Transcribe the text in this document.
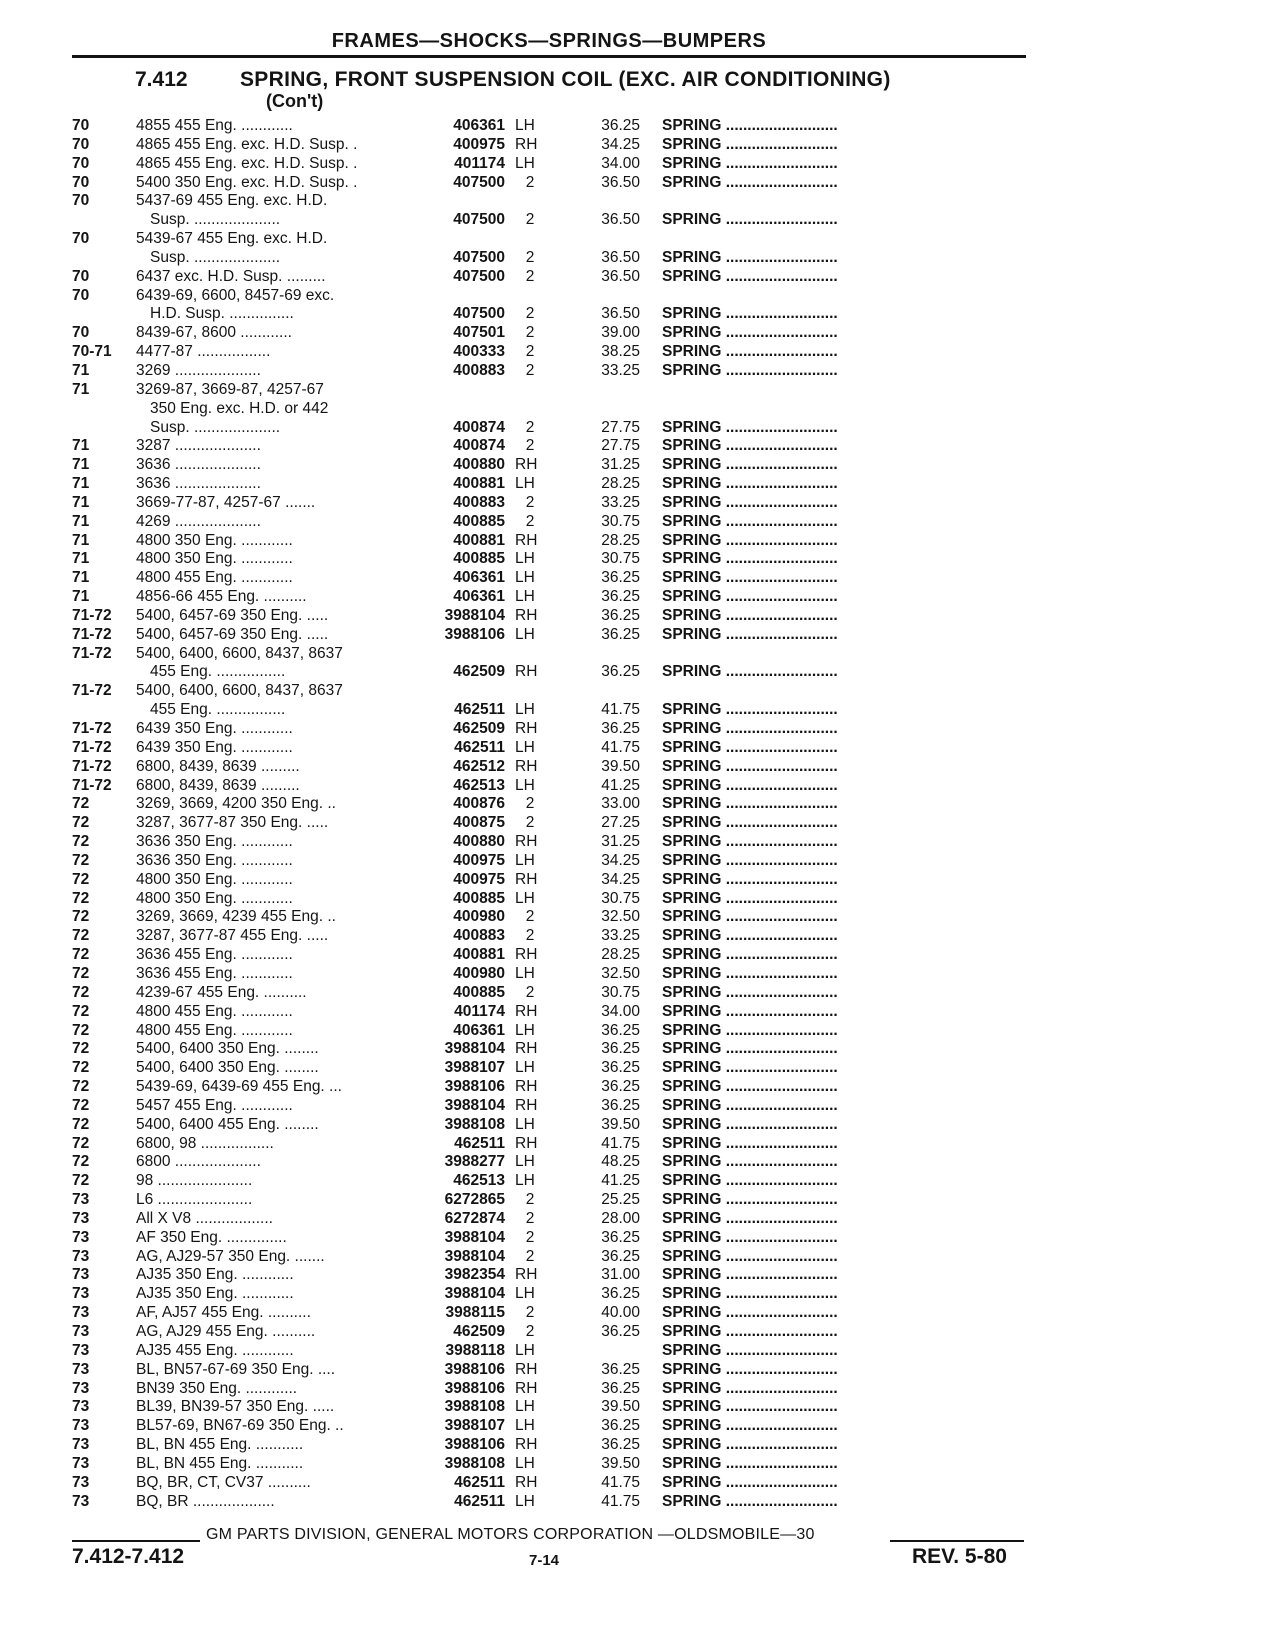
FRAMES—SHOCKS—SPRINGS—BUMPERS
7.412 SPRING, FRONT SUSPENSION COIL (EXC. AIR CONDITIONING)
(Con't)
70	4855 455 Eng. ............	406361 LH	36.25 SPRING ..........................
70	4865 455 Eng. exc. H.D. Susp. .	400975 RH	34.25 SPRING ..........................
70	4865 455 Eng. exc. H.D. Susp. .	401174 LH	34.00 SPRING ..........................
70	5400 350 Eng. exc. H.D. Susp. .	407500	2	36.50 SPRING ..........................
70	5437-69 455 Eng. exc. H.D.
Susp. ....................	407500	2	36.50 SPRING ..........................
70	5439-67 455 Eng. exc. H.D.
Susp. ....................	407500	2	36.50 SPRING ..........................
70	6437 exc. H.D. Susp. .........	407500	2	36.50 SPRING ..........................
70	6439-69, 6600, 8457-69 exc.
H.D. Susp. ...............	407500	2	36.50 SPRING ..........................
70	8439-67, 8600 ............	407501	2	39.00 SPRING ..........................
70-71	4477-87 .................	400333	2	38.25 SPRING ..........................
71	3269 ....................	400883	2	33.25 SPRING ..........................
71	3269-87, 3669-87, 4257-67
350 Eng. exc. H.D. or 442
Susp. ....................	400874	2	27.75 SPRING ..........................
71	3287 ....................	400874	2	27.75 SPRING ..........................
71	3636 ....................	400880 RH	31.25 SPRING ..........................
71	3636 ....................	400881 LH	28.25 SPRING ..........................
71	3669-77-87, 4257-67 .......	400883	2	33.25 SPRING ..........................
71	4269 ....................	400885	2	30.75 SPRING ..........................
71	4800 350 Eng. ............	400881 RH	28.25 SPRING ..........................
71	4800 350 Eng. ............	400885 LH	30.75 SPRING ..........................
71	4800 455 Eng. ............	406361 LH	36.25 SPRING ..........................
71	4856-66 455 Eng. ..........	406361 LH	36.25 SPRING ..........................
71-72	5400, 6457-69 350 Eng. .....	3988104 RH	36.25 SPRING ..........................
71-72	5400, 6457-69 350 Eng. .....	3988106 LH	36.25 SPRING ..........................
71-72	5400, 6400, 6600, 8437, 8637
455 Eng. ................	462509 RH	36.25 SPRING ..........................
71-72	5400, 6400, 6600, 8437, 8637
455 Eng. ................	462511 LH	41.75 SPRING ..........................
71-72	6439 350 Eng. ............	462509 RH	36.25 SPRING ..........................
71-72	6439 350 Eng. ............	462511 LH	41.75 SPRING ..........................
71-72	6800, 8439, 8639 .........	462512 RH	39.50 SPRING ..........................
71-72	6800, 8439, 8639 .........	462513 LH	41.25 SPRING ..........................
72	3269, 3669, 4200 350 Eng. ..	400876	2	33.00 SPRING ..........................
72	3287, 3677-87 350 Eng. .....	400875	2	27.25 SPRING ..........................
72	3636 350 Eng. ............	400880 RH	31.25 SPRING ..........................
72	3636 350 Eng. ............	400975 LH	34.25 SPRING ..........................
72	4800 350 Eng. ............	400975 RH	34.25 SPRING ..........................
72	4800 350 Eng. ............	400885 LH	30.75 SPRING ..........................
72	3269, 3669, 4239 455 Eng. ..	400980	2	32.50 SPRING ..........................
72	3287, 3677-87 455 Eng. .....	400883	2	33.25 SPRING ..........................
72	3636 455 Eng. ............	400881 RH	28.25 SPRING ..........................
72	3636 455 Eng. ............	400980 LH	32.50 SPRING ..........................
72	4239-67 455 Eng. ..........	400885	2	30.75 SPRING ..........................
72	4800 455 Eng. ............	401174 RH	34.00 SPRING ..........................
72	4800 455 Eng. ............	406361 LH	36.25 SPRING ..........................
72	5400, 6400 350 Eng. ........	3988104 RH	36.25 SPRING ..........................
72	5400, 6400 350 Eng. ........	3988107 LH	36.25 SPRING ..........................
72	5439-69, 6439-69 455 Eng. ...	3988106 RH	36.25 SPRING ..........................
72	5457 455 Eng. ............	3988104 RH	36.25 SPRING ..........................
72	5400, 6400 455 Eng. ........	3988108 LH	39.50 SPRING ..........................
72	6800, 98 .................	462511 RH	41.75 SPRING ..........................
72	6800 ....................	3988277 LH	48.25 SPRING ..........................
72	98 ......................	462513 LH	41.25 SPRING ..........................
73	L6 ......................	6272865	2	25.25 SPRING ..........................
73	All X V8 ..................	6272874	2	28.00 SPRING ..........................
73	AF 350 Eng. ..............	3988104	2	36.25 SPRING ..........................
73	AG, AJ29-57 350 Eng. .......	3988104	2	36.25 SPRING ..........................
73	AJ35 350 Eng. ............	3982354 RH	31.00 SPRING ..........................
73	AJ35 350 Eng. ............	3988104 LH	36.25 SPRING ..........................
73	AF, AJ57 455 Eng. ..........	3988115	2	40.00 SPRING ..........................
73	AG, AJ29 455 Eng. ..........	462509	2	36.25 SPRING ..........................
73	AJ35 455 Eng. ............	3988118 LH	SPRING ..........................
73	BL, BN57-67-69 350 Eng. ....	3988106 RH	36.25 SPRING ..........................
73	BN39 350 Eng. ............	3988106 RH	36.25 SPRING ..........................
73	BL39, BN39-57 350 Eng. .....	3988108 LH	39.50 SPRING ..........................
73	BL57-69, BN67-69 350 Eng. ..	3988107 LH	36.25 SPRING ..........................
73	BL, BN 455 Eng. ...........	3988106 RH	36.25 SPRING ..........................
73	BL, BN 455 Eng. ...........	3988108 LH	39.50 SPRING ..........................
73	BQ, BR, CT, CV37 ..........	462511 RH	41.75 SPRING ..........................
73	BQ, BR ...................	462511 LH	41.75 SPRING ..........................
GM PARTS DIVISION, GENERAL MOTORS CORPORATION —OLDSMOBILE—30
7.412-7.412	7-14	REV. 5-80
